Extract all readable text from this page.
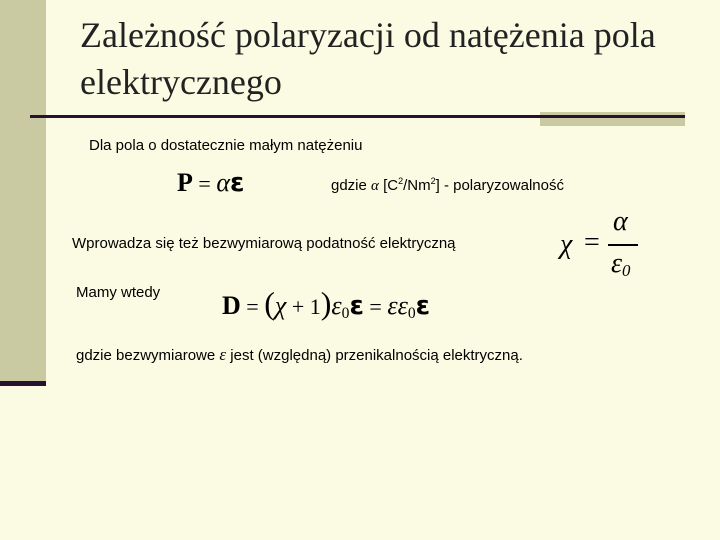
Zależność polaryzacji od natężenia pola
elektrycznego
Dla pola o dostatecznie małym natężeniu
P = αε	gdzie α $[C^2/Nm^2]$ - polaryzowalność
Wprowadza się też bezwymiarową podatność elektryczną	χ =
α
$\varepsilon_0$
Mamy wtedy $D = (\chi + 1)\varepsilon_0\varepsilon = \varepsilon\varepsilon_0\varepsilon$
gdzie bezwymiarowe ε jest (względną) przenikalnością elektryczną.
